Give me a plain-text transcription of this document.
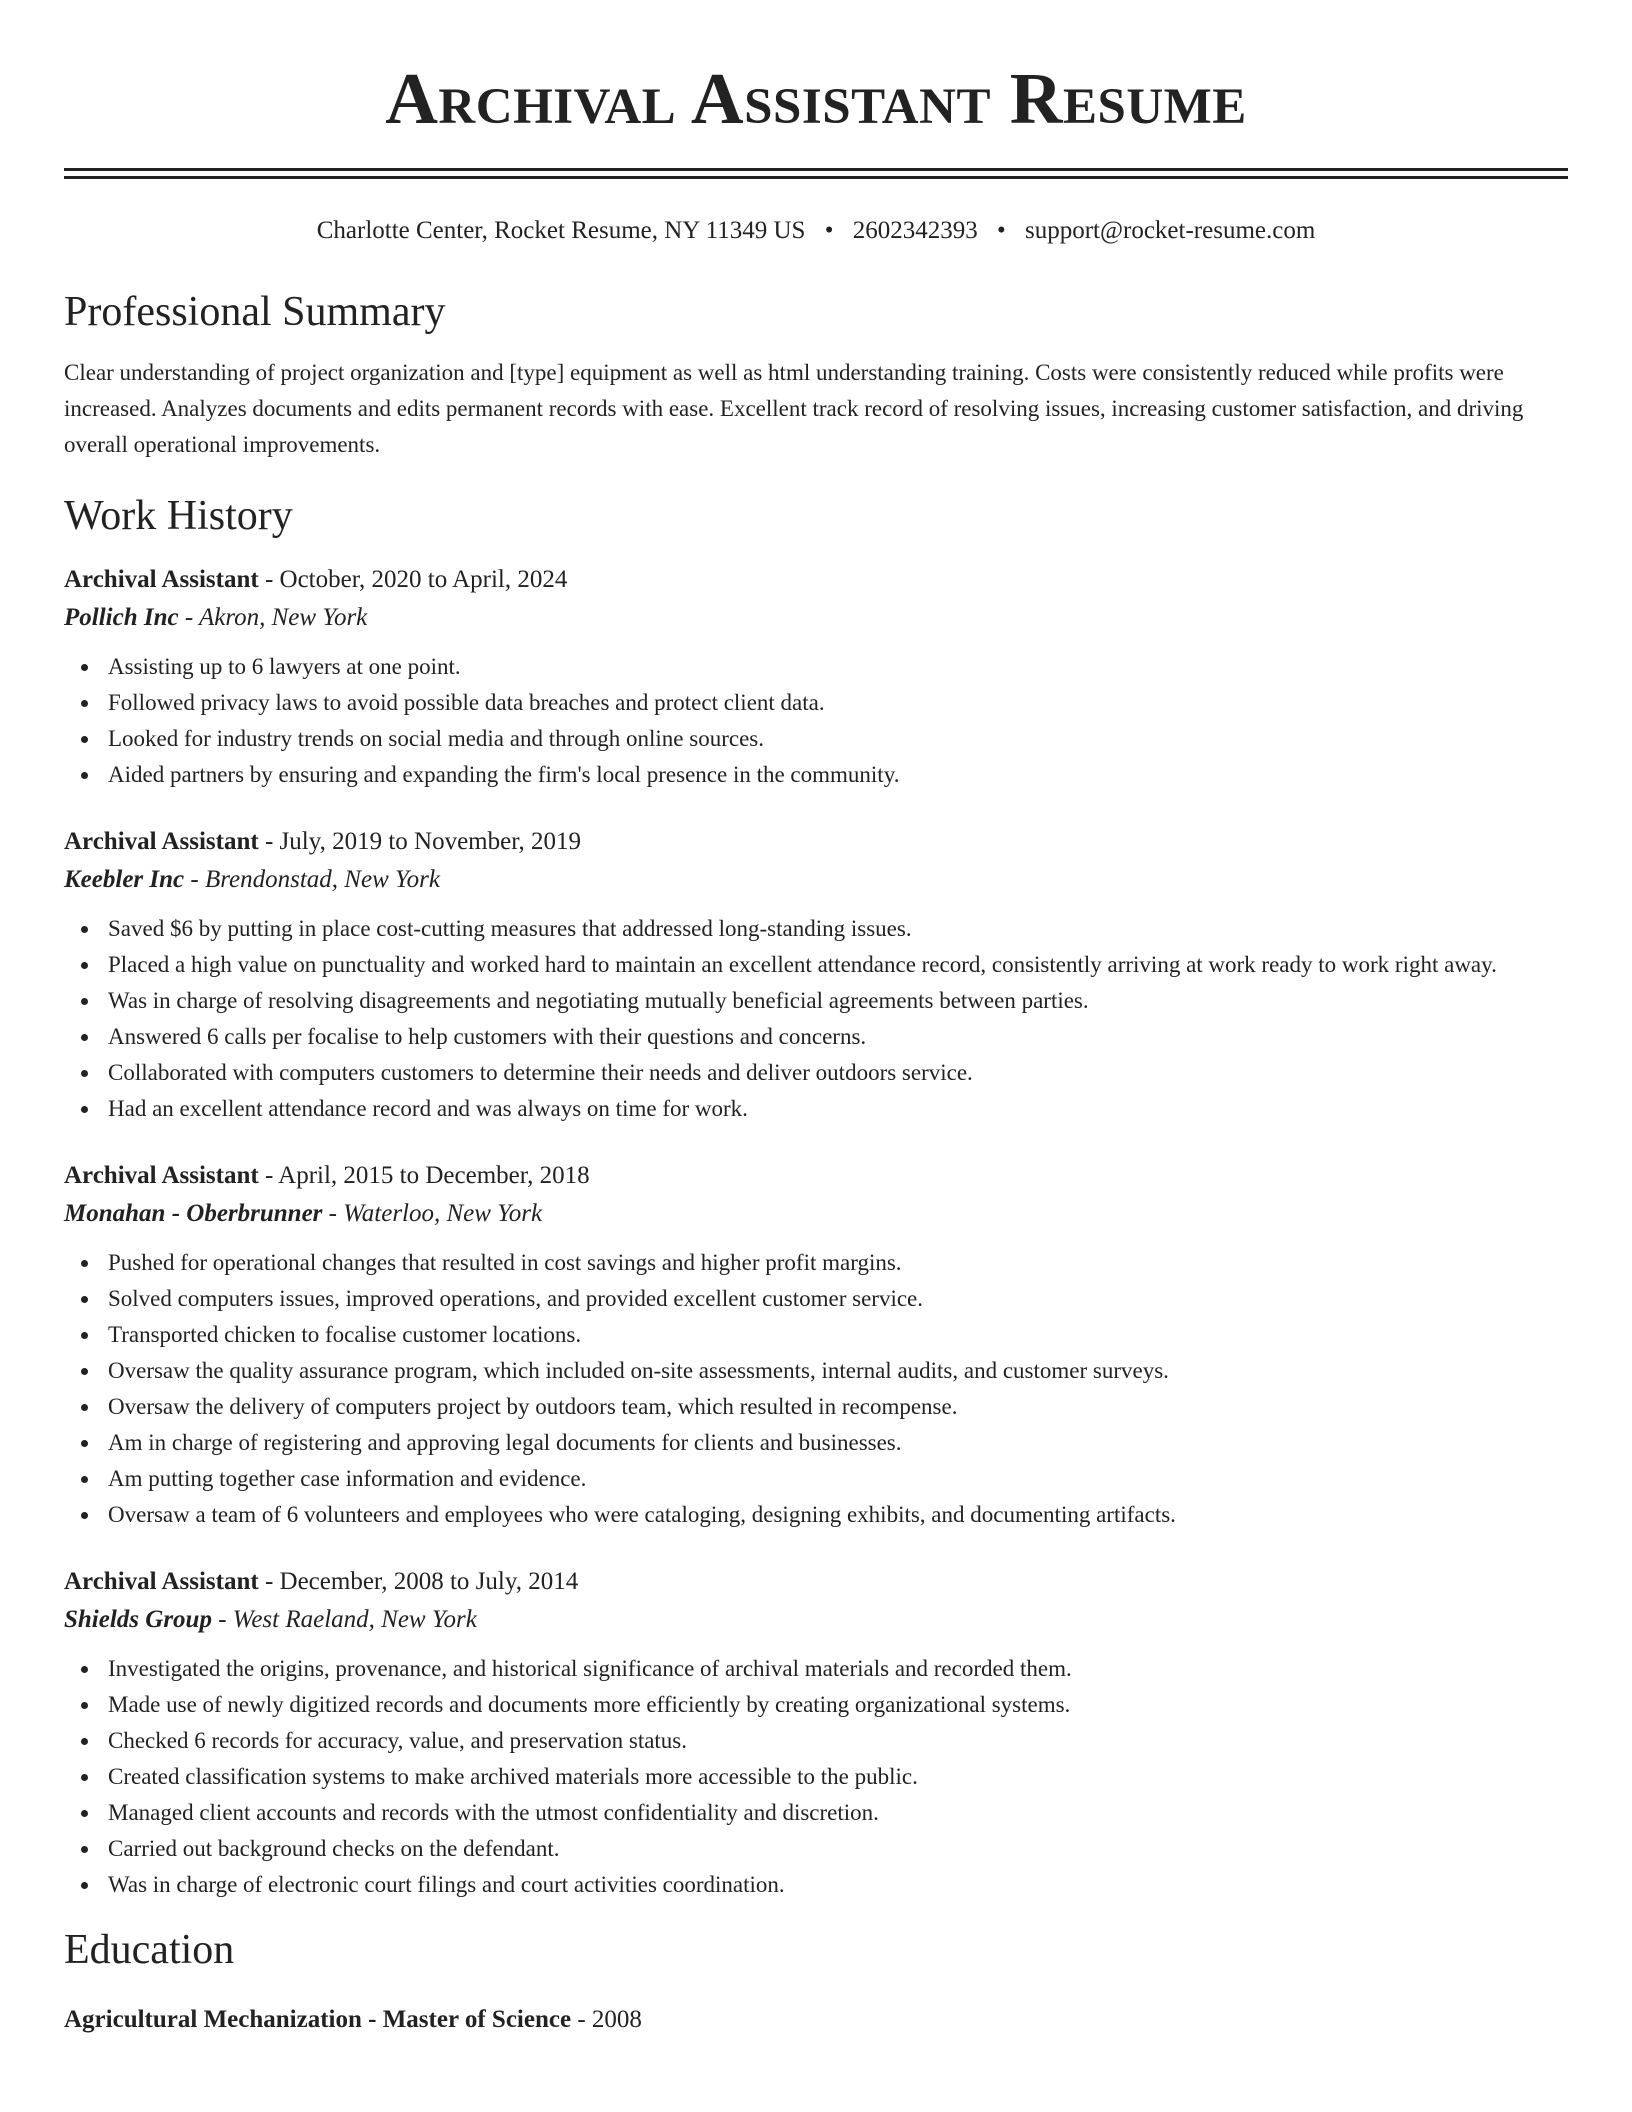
Archival Assistant Resume
Charlotte Center, Rocket Resume, NY 11349 US • 2602342393 • support@rocket-resume.com
Professional Summary

Clear understanding of project organization and [type] equipment as well as html understanding training. Costs were consistently reduced while profits were increased. Analyzes documents and edits permanent records with ease. Excellent track record of resolving issues, increasing customer satisfaction, and driving overall operational improvements.

Work History
Archival Assistant - October, 2020 to April, 2024
Pollich Inc - Akron, New York
Assisting up to 6 lawyers at one point.
Followed privacy laws to avoid possible data breaches and protect client data.
Looked for industry trends on social media and through online sources.
Aided partners by ensuring and expanding the firm's local presence in the community.
Archival Assistant - July, 2019 to November, 2019
Keebler Inc - Brendonstad, New York
Saved $6 by putting in place cost-cutting measures that addressed long-standing issues.
Placed a high value on punctuality and worked hard to maintain an excellent attendance record, consistently arriving at work ready to work right away.
Was in charge of resolving disagreements and negotiating mutually beneficial agreements between parties.
Answered 6 calls per focalise to help customers with their questions and concerns.
Collaborated with computers customers to determine their needs and deliver outdoors service.
Had an excellent attendance record and was always on time for work.
Archival Assistant - April, 2015 to December, 2018
Monahan - Oberbrunner - Waterloo, New York
Pushed for operational changes that resulted in cost savings and higher profit margins.
Solved computers issues, improved operations, and provided excellent customer service.
Transported chicken to focalise customer locations.
Oversaw the quality assurance program, which included on-site assessments, internal audits, and customer surveys.
Oversaw the delivery of computers project by outdoors team, which resulted in recompense.
Am in charge of registering and approving legal documents for clients and businesses.
Am putting together case information and evidence.
Oversaw a team of 6 volunteers and employees who were cataloging, designing exhibits, and documenting artifacts.
Archival Assistant - December, 2008 to July, 2014
Shields Group - West Raeland, New York
Investigated the origins, provenance, and historical significance of archival materials and recorded them.
Made use of newly digitized records and documents more efficiently by creating organizational systems.
Checked 6 records for accuracy, value, and preservation status.
Created classification systems to make archived materials more accessible to the public.
Managed client accounts and records with the utmost confidentiality and discretion.
Carried out background checks on the defendant.
Was in charge of electronic court filings and court activities coordination.
Education
Agricultural Mechanization - Master of Science - 2008
